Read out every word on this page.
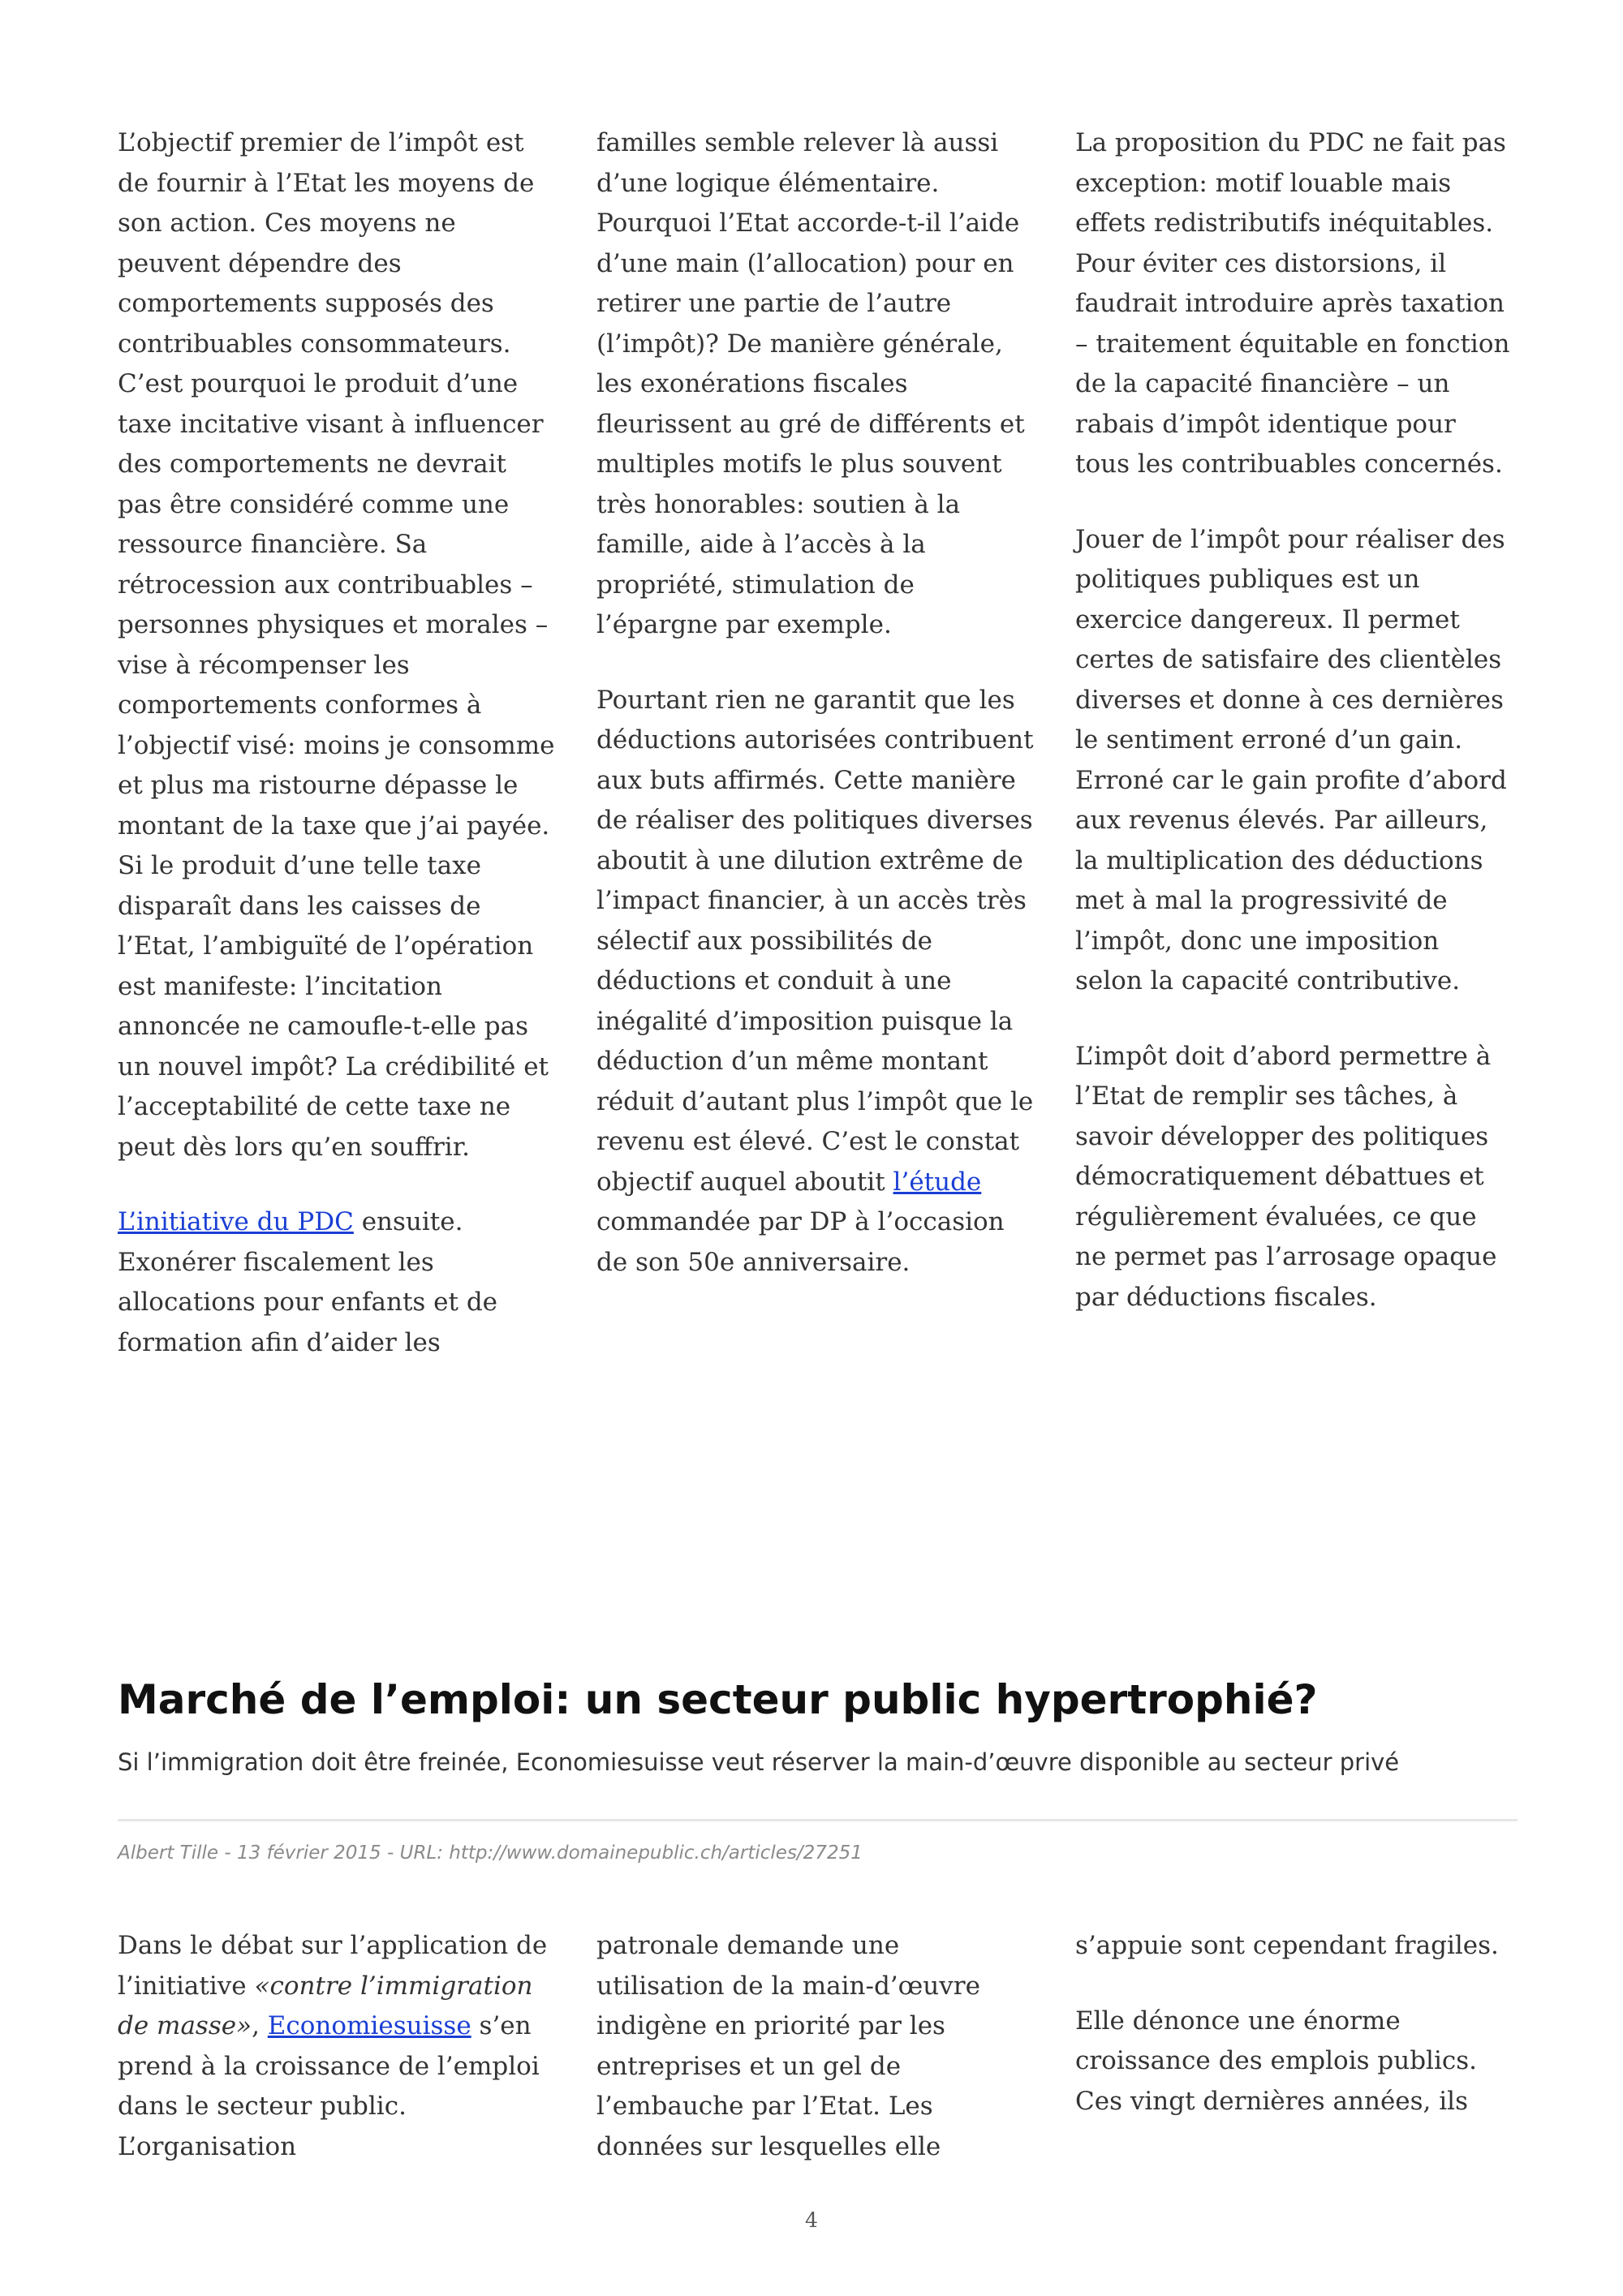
L’objectif premier de l’impôt est de fournir à l’Etat les moyens de son action. Ces moyens ne peuvent dépendre des comportements supposés des contribuables consommateurs. C’est pourquoi le produit d’une taxe incitative visant à influencer des comportements ne devrait pas être considéré comme une ressource financière. Sa rétrocession aux contribuables – personnes physiques et morales – vise à récompenser les comportements conformes à l’objectif visé: moins je consomme et plus ma ristourne dépasse le montant de la taxe que j’ai payée. Si le produit d’une telle taxe disparaît dans les caisses de l’Etat, l’ambiguïté de l’opération est manifeste: l’incitation annoncée ne camoufle-t-elle pas un nouvel impôt? La crédibilité et l’acceptabilité de cette taxe ne peut dès lors qu’en souffrir.

L’initiative du PDC ensuite. Exonérer fiscalement les allocations pour enfants et de formation afin d’aider les

familles semble relever là aussi d’une logique élémentaire. Pourquoi l’Etat accorde-t-il l’aide d’une main (l’allocation) pour en retirer une partie de l’autre (l’impôt)? De manière générale, les exonérations fiscales fleurissent au gré de différents et multiples motifs le plus souvent très honorables: soutien à la famille, aide à l’accès à la propriété, stimulation de l’épargne par exemple.

Pourtant rien ne garantit que les déductions autorisées contribuent aux buts affirmés. Cette manière de réaliser des politiques diverses aboutit à une dilution extrême de l’impact financier, à un accès très sélectif aux possibilités de déductions et conduit à une inégalité d’imposition puisque la déduction d’un même montant réduit d’autant plus l’impôt que le revenu est élevé. C’est le constat objectif auquel aboutit l’étude commandée par DP à l’occasion de son 50e anniversaire.

La proposition du PDC ne fait pas exception: motif louable mais effets redistributifs inéquitables. Pour éviter ces distorsions, il faudrait introduire après taxation – traitement équitable en fonction de la capacité financière – un rabais d’impôt identique pour tous les contribuables concernés.

Jouer de l’impôt pour réaliser des politiques publiques est un exercice dangereux. Il permet certes de satisfaire des clientèles diverses et donne à ces dernières le sentiment erroné d’un gain. Erroné car le gain profite d’abord aux revenus élevés. Par ailleurs, la multiplication des déductions met à mal la progressivité de l’impôt, donc une imposition selon la capacité contributive.

L’impôt doit d’abord permettre à l’Etat de remplir ses tâches, à savoir développer des politiques démocratiquement débattues et régulièrement évaluées, ce que ne permet pas l’arrosage opaque par déductions fiscales.

Marché de l’emploi: un secteur public hypertrophié?

Si l’immigration doit être freinée, Economiesuisse veut réserver la main-d’œuvre disponible au secteur privé

Albert Tille - 13 février 2015 - URL: http://www.domainepublic.ch/articles/27251

Dans le débat sur l’application de l’initiative «contre l’immigration de masse», Economiesuisse s’en prend à la croissance de l’emploi dans le secteur public. L’organisation

patronale demande une utilisation de la main-d’œuvre indigène en priorité par les entreprises et un gel de l’embauche par l’Etat. Les données sur lesquelles elle

s’appuie sont cependant fragiles.

Elle dénonce une énorme croissance des emplois publics. Ces vingt dernières années, ils

4
